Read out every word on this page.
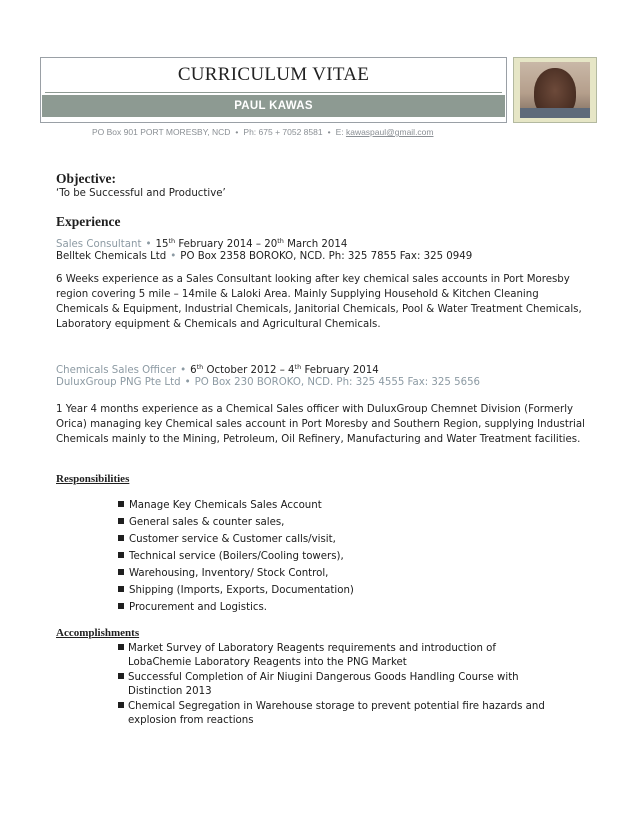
CURRICULUM VITAE
PAUL KAWAS
PO Box 901 PORT MORESBY, NCD • Ph: 675 + 7052 8581 • E: kawaspaul@gmail.com
Objective:
‘To be Successful and Productive’
Experience
Sales Consultant • 15th February 2014 – 20th March 2014
Belltek Chemicals Ltd • PO Box 2358 BOROKO, NCD. Ph: 325 7855 Fax: 325 0949
6 Weeks experience as a Sales Consultant looking after key chemical sales accounts in Port Moresby region covering 5 mile – 14mile & Laloki Area. Mainly Supplying Household & Kitchen Cleaning Chemicals & Equipment, Industrial Chemicals, Janitorial Chemicals, Pool & Water Treatment Chemicals, Laboratory equipment & Chemicals and Agricultural Chemicals.
Chemicals Sales Officer • 6th October 2012 – 4th February 2014
DuluxGroup PNG Pte Ltd • PO Box 230 BOROKO, NCD. Ph: 325 4555 Fax: 325 5656
1 Year 4 months experience as a Chemical Sales officer with DuluxGroup Chemnet Division (Formerly Orica) managing key Chemical sales account in Port Moresby and Southern Region, supplying Industrial Chemicals mainly to the Mining, Petroleum, Oil Refinery, Manufacturing and Water Treatment facilities.
Responsibilities
Manage Key Chemicals Sales Account
General sales & counter sales,
Customer service & Customer calls/visit,
Technical service (Boilers/Cooling towers),
Warehousing, Inventory/ Stock Control,
Shipping (Imports, Exports, Documentation)
Procurement and Logistics.
Accomplishments
Market Survey of Laboratory Reagents requirements and introduction of LobaChemie Laboratory Reagents into the PNG Market
Successful Completion of Air Niugini Dangerous Goods Handling Course with Distinction 2013
Chemical Segregation in Warehouse storage to prevent potential fire hazards and explosion from reactions
